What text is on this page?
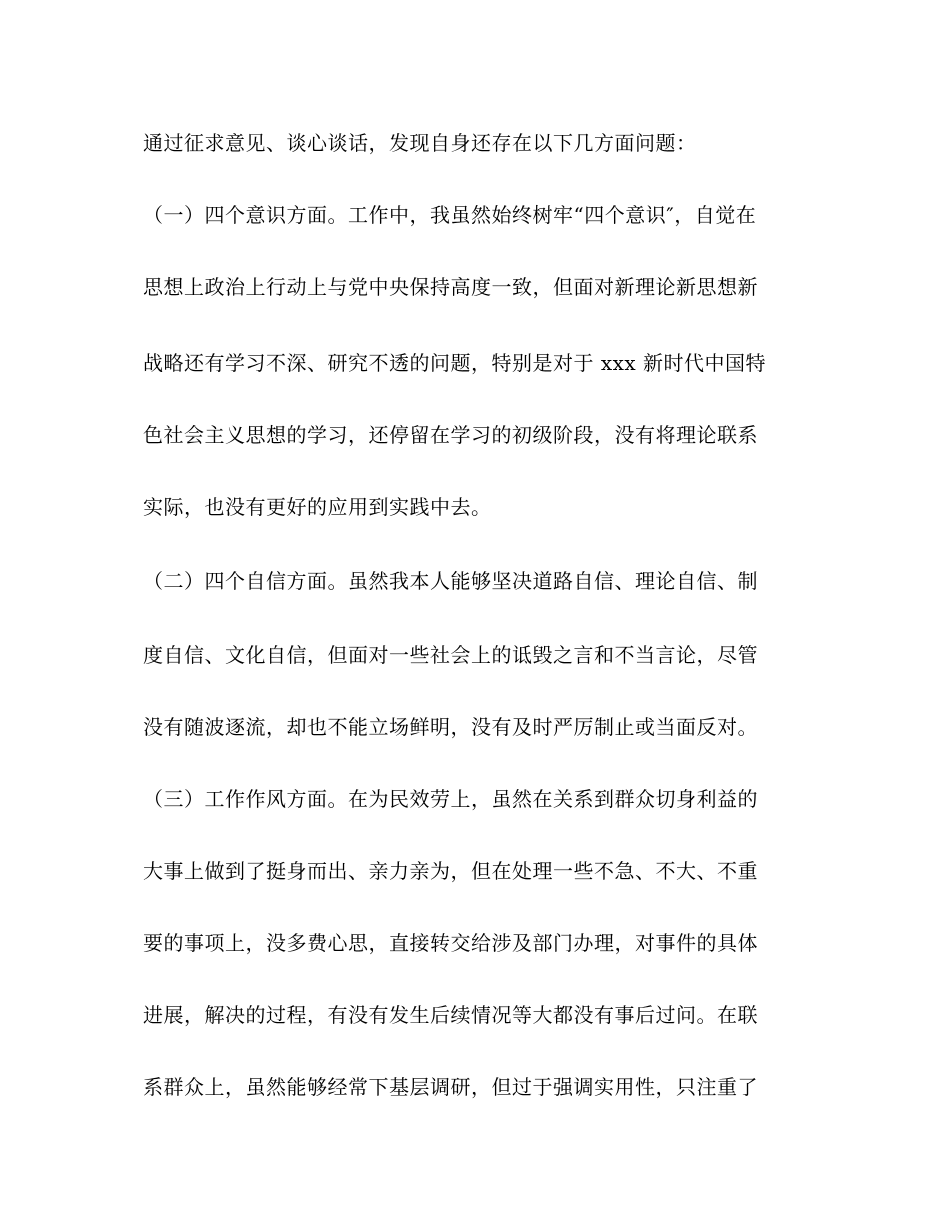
通过征求意见、谈心谈话，发现自身还存在以下几方面问题：
（一）四个意识方面。工作中，我虽然始终树牢“四个意识″，自觉在
思想上政治上行动上与党中央保持高度一致，但面对新理论新思想新
战略还有学习不深、研究不透的问题，特别是对于 xxx 新时代中国特
色社会主义思想的学习，还停留在学习的初级阶段，没有将理论联系
实际，也没有更好的应用到实践中去。
（二）四个自信方面。虽然我本人能够坚决道路自信、理论自信、制
度自信、文化自信，但面对一些社会上的诋毁之言和不当言论，尽管
没有随波逐流，却也不能立场鲜明，没有及时严厉制止或当面反对。
（三）工作作风方面。在为民效劳上，虽然在关系到群众切身利益的
大事上做到了挺身而出、亲力亲为，但在处理一些不急、不大、不重
要的事项上，没多费心思，直接转交给涉及部门办理，对事件的具体
进展，解决的过程，有没有发生后续情况等大都没有事后过问。在联
系群众上，虽然能够经常下基层调研，但过于强调实用性，只注重了
